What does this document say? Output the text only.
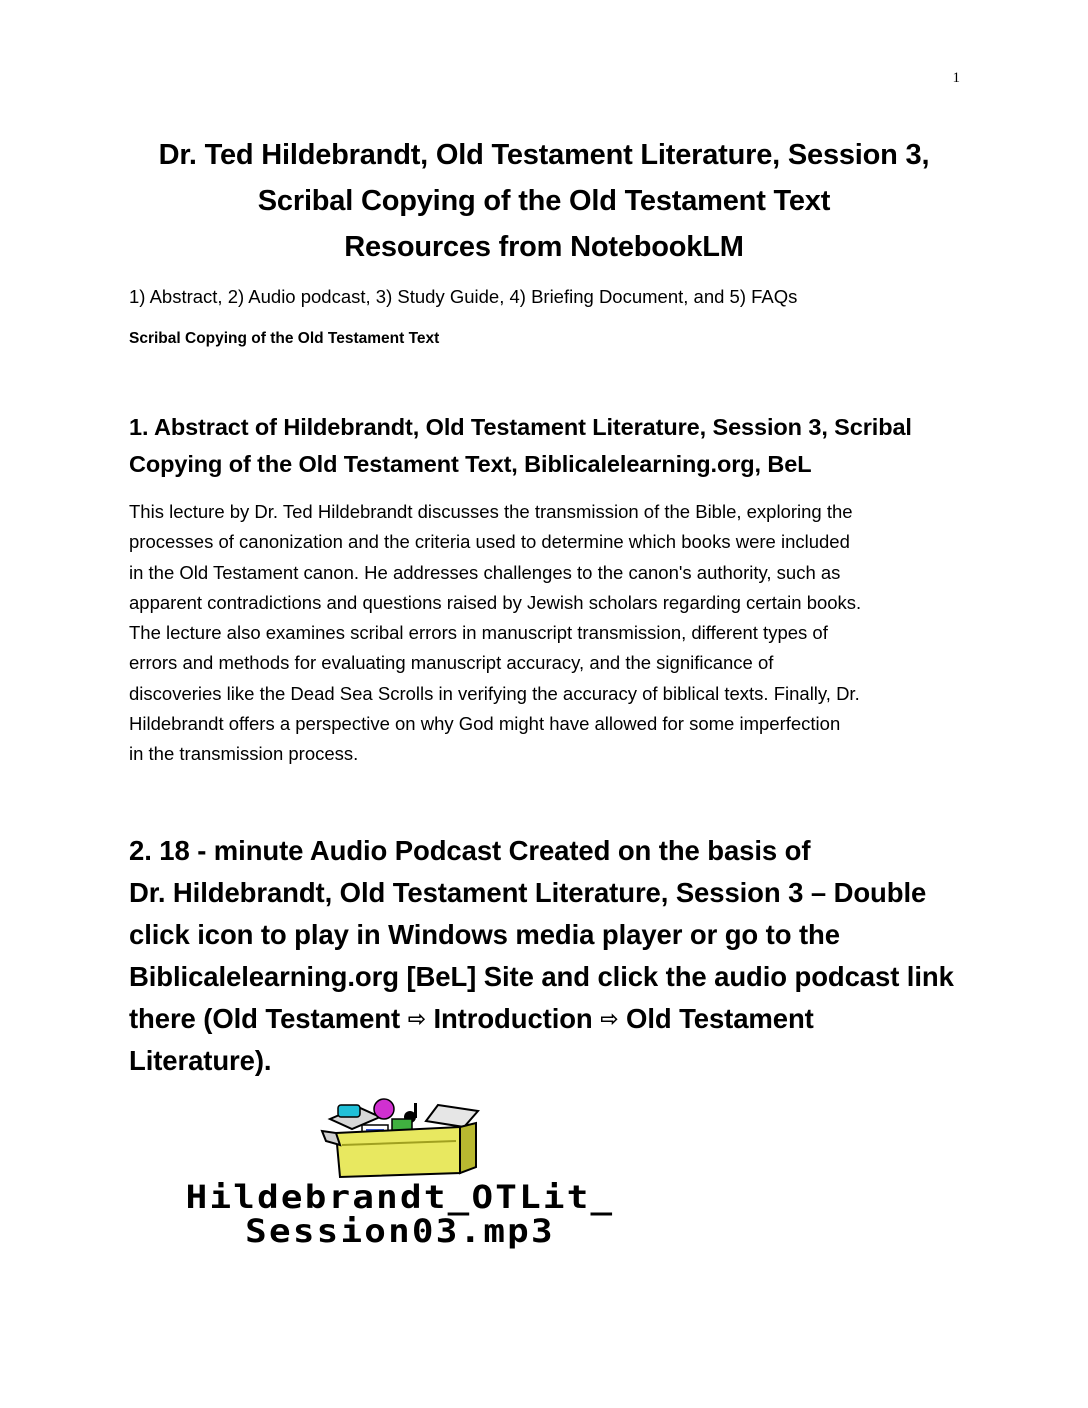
1
Dr. Ted Hildebrandt, Old Testament Literature, Session 3,
Scribal Copying of the Old Testament Text
Resources from NotebookLM
1) Abstract, 2) Audio podcast, 3) Study Guide, 4) Briefing Document, and 5) FAQs
Scribal Copying of the Old Testament Text
1. Abstract of Hildebrandt, Old Testament Literature, Session 3, Scribal
Copying of the Old Testament Text, Biblicalelearning.org, BeL
This lecture by Dr. Ted Hildebrandt discusses the transmission of the Bible, exploring the
processes of canonization and the criteria used to determine which books were included
in the Old Testament canon. He addresses challenges to the canon's authority, such as
apparent contradictions and questions raised by Jewish scholars regarding certain books.
The lecture also examines scribal errors in manuscript transmission, different types of
errors and methods for evaluating manuscript accuracy, and the significance of
discoveries like the Dead Sea Scrolls in verifying the accuracy of biblical texts. Finally, Dr.
Hildebrandt offers a perspective on why God might have allowed for some imperfection
in the transmission process.
2. 18 - minute Audio Podcast Created on the basis of
Dr. Hildebrandt, Old Testament Literature, Session 3 – Double
click icon to play in Windows media player or go to the
Biblicalelearning.org [BeL] Site and click the audio podcast link
there (Old Testament ⇨ Introduction ⇨ Old Testament
Literature).
Hildebrandt_OTLit_
Session03.mp3
